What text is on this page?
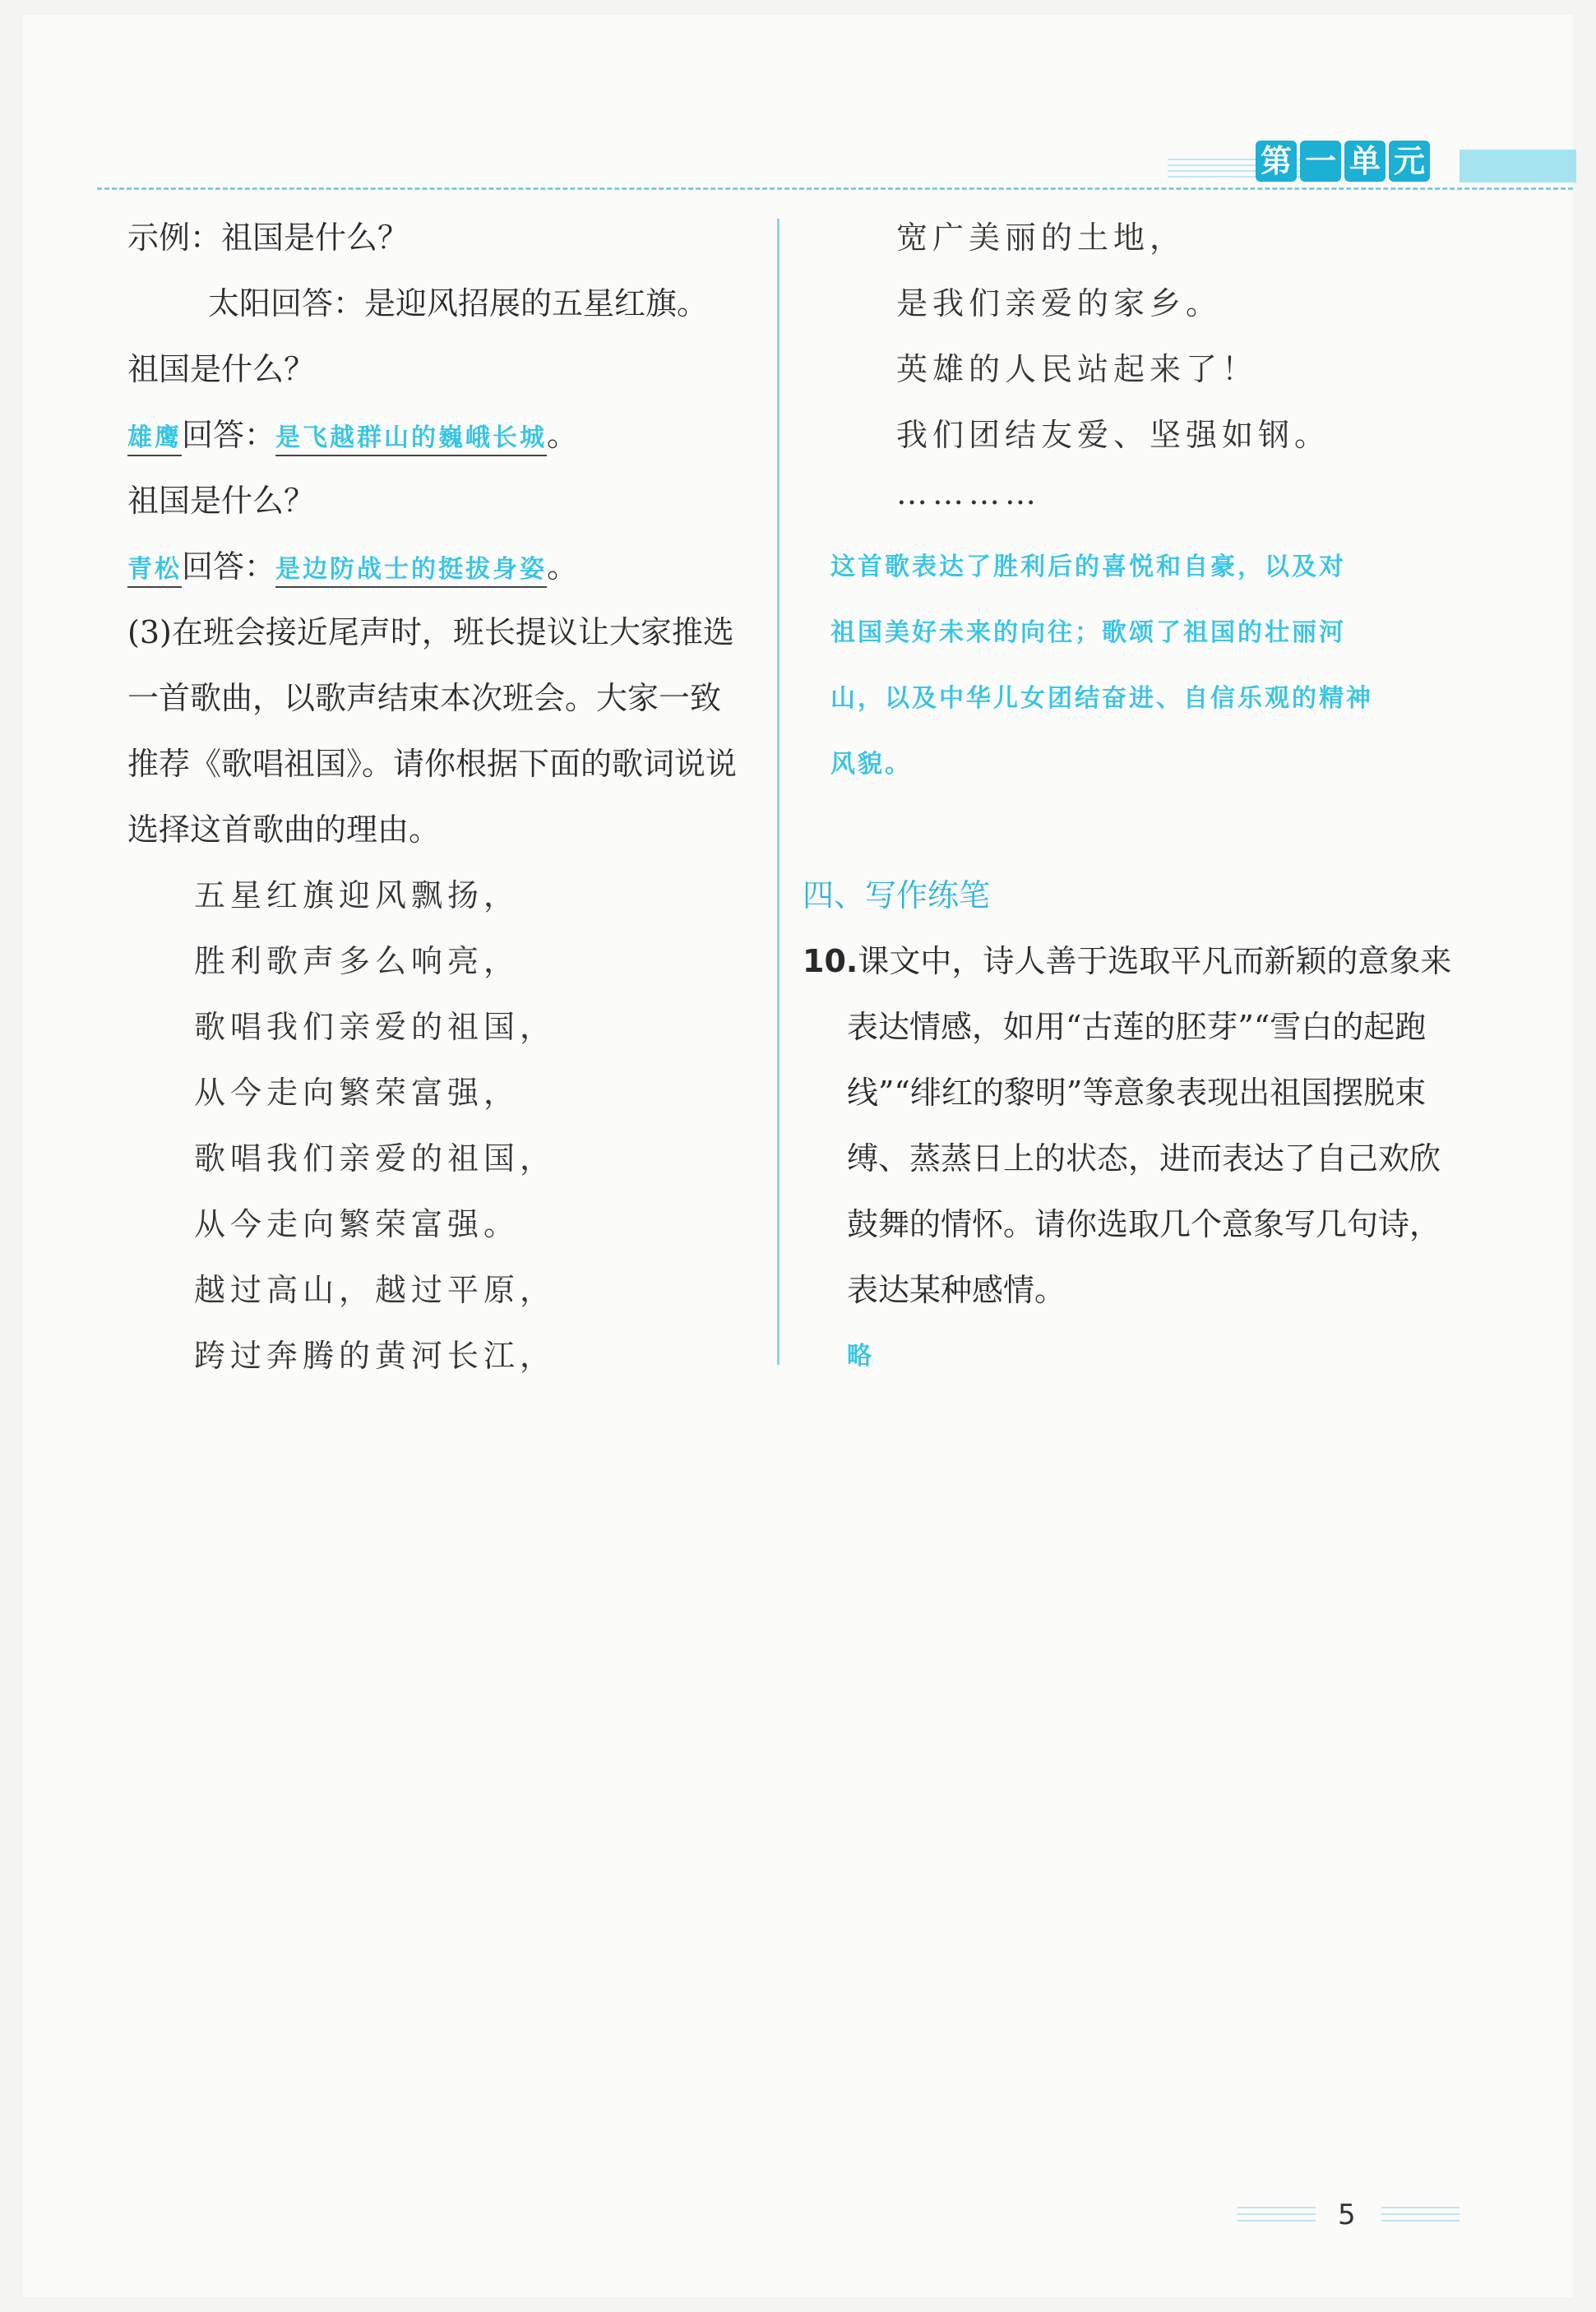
第 一 单 元
示例：祖国是什么？
太阳回答：是迎风招展的五星红旗。
祖国是什么？
雄鹰回答：是飞越群山的巍峨长城。
祖国是什么？
青松回答：是边防战士的挺拔身姿。
(3)在班会接近尾声时，班长提议让大家推选
一首歌曲，以歌声结束本次班会。大家一致
推荐《歌唱祖国》。请你根据下面的歌词说说
选择这首歌曲的理由。
五星红旗迎风飘扬，
胜利歌声多么响亮，
歌唱我们亲爱的祖国，
从今走向繁荣富强，
歌唱我们亲爱的祖国，
从今走向繁荣富强。
越过高山，越过平原，
跨过奔腾的黄河长江，
宽广美丽的土地，
是我们亲爱的家乡。
英雄的人民站起来了！
我们团结友爱、坚强如钢。
…………
这首歌表达了胜利后的喜悦和自豪，以及对
祖国美好未来的向往；歌颂了祖国的壮丽河
山，以及中华儿女团结奋进、自信乐观的精神
风貌。
四、写作练笔
10.课文中，诗人善于选取平凡而新颖的意象来
表达情感，如用“古莲的胚芽”“雪白的起跑
线”“绯红的黎明”等意象表现出祖国摆脱束
缚、蒸蒸日上的状态，进而表达了自己欢欣
鼓舞的情怀。请你选取几个意象写几句诗，
表达某种感情。
略
5
